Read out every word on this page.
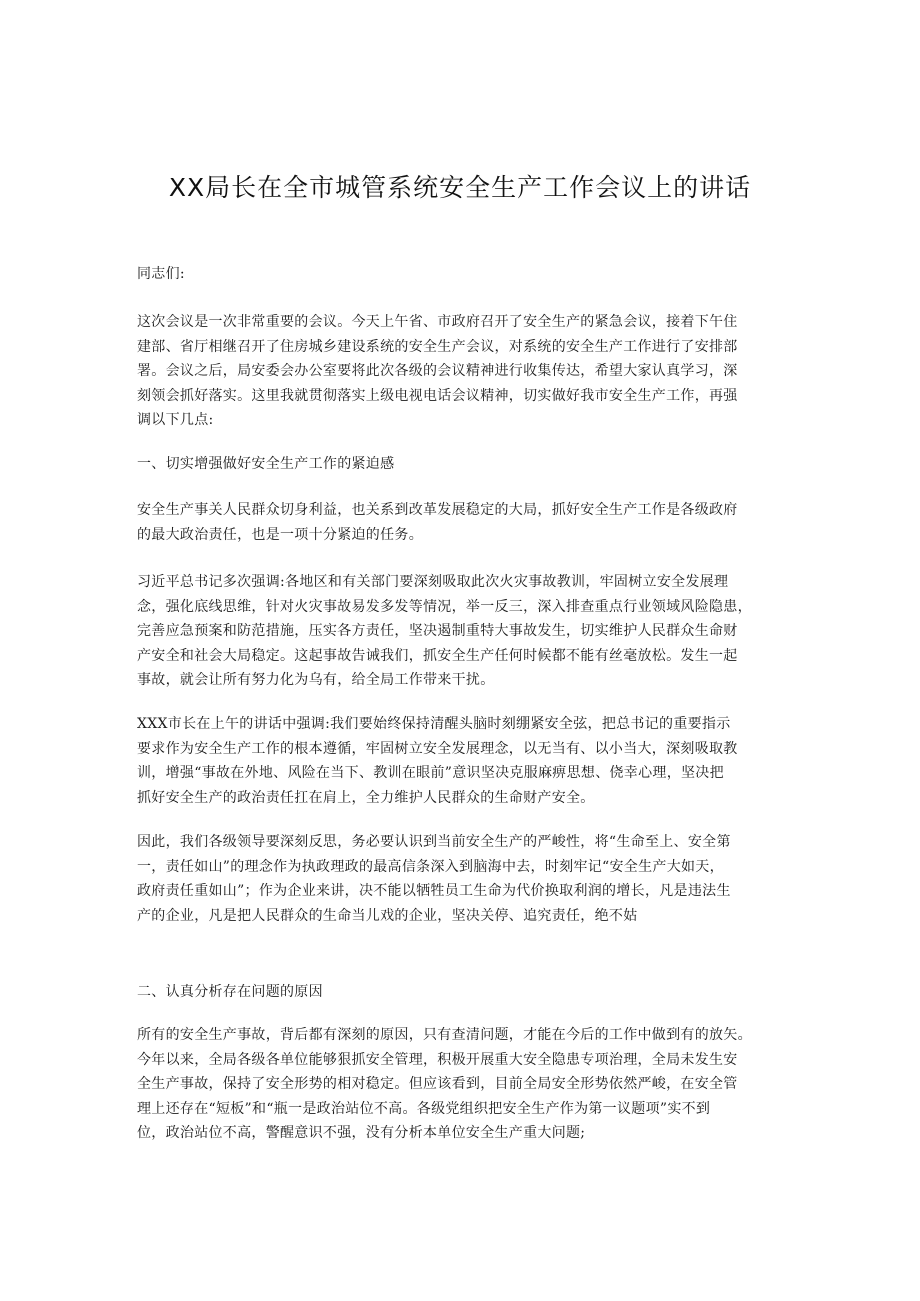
XX局长在全市城管系统安全生产工作会议上的讲话

同志们:

这次会议是一次非常重要的会议。今天上午省、市政府召开了安全生产的紧急会议，接着下午住
建部、省厅相继召开了住房城乡建设系统的安全生产会议，对系统的安全生产工作进行了安排部
署。会议之后，局安委会办公室要将此次各级的会议精神进行收集传达，希望大家认真学习，深
刻领会抓好落实。这里我就贯彻落实上级电视电话会议精神，切实做好我市安全生产工作，再强
调以下几点:
一、切实增强做好安全生产工作的紧迫感
安全生产事关人民群众切身利益，也关系到改革发展稳定的大局，抓好安全生产工作是各级政府
的最大政治责任，也是一项十分紧迫的任务。
习近平总书记多次强调:各地区和有关部门要深刻吸取此次火灾事故教训，牢固树立安全发展理
念，强化底线思维，针对火灾事故易发多发等情况，举一反三，深入排查重点行业领域风险隐患，
完善应急预案和防范措施，压实各方责任，坚决遏制重特大事故发生，切实维护人民群众生命财
产安全和社会大局稳定。这起事故告诫我们，抓安全生产任何时候都不能有丝毫放松。发生一起
事故，就会让所有努力化为乌有，给全局工作带来干扰。
XXX市长在上午的讲话中强调:我们要始终保持清醒头脑时刻绷紧安全弦，把总书记的重要指示
要求作为安全生产工作的根本遵循，牢固树立安全发展理念，以无当有、以小当大，深刻吸取教
训，增强“事故在外地、风险在当下、教训在眼前”意识坚决克服麻痹思想、侥幸心理，坚决把
抓好安全生产的政治责任扛在肩上，全力维护人民群众的生命财产安全。
因此，我们各级领导要深刻反思，务必要认识到当前安全生产的严峻性，将“生命至上、安全第
一，责任如山”的理念作为执政理政的最高信条深入到脑海中去，时刻牢记“安全生产大如天，
政府责任重如山”；作为企业来讲，决不能以牺牲员工生命为代价换取利润的增长，凡是违法生
产的企业，凡是把人民群众的生命当儿戏的企业，坚决关停、追究责任，绝不姑
二、认真分析存在问题的原因
所有的安全生产事故，背后都有深刻的原因，只有查清问题，才能在今后的工作中做到有的放矢。
今年以来，全局各级各单位能够狠抓安全管理，积极开展重大安全隐患专项治理，全局未发生安
全生产事故，保持了安全形势的相对稳定。但应该看到，目前全局安全形势依然严峻，在安全管
理上还存在“短板”和“瓶一是政治站位不高。各级党组织把安全生产作为第一议题项”实不到
位，政治站位不高，警醒意识不强，没有分析本单位安全生产重大问题;
